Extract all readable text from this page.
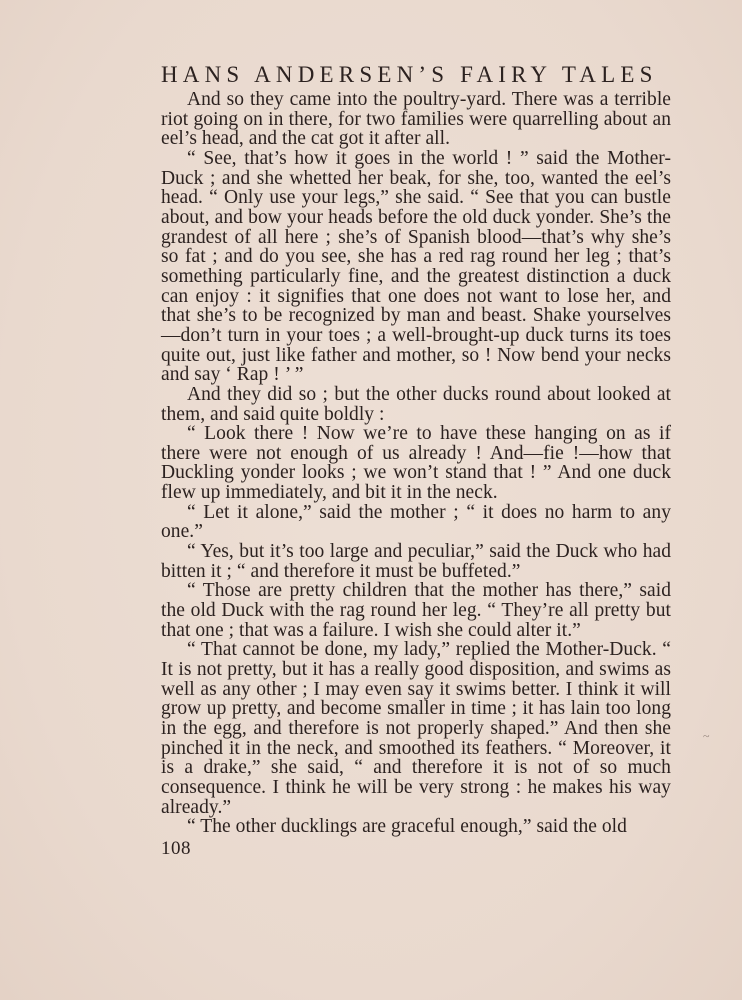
HANS ANDERSEN’S FAIRY TALES

And so they came into the poultry-yard. There was a terrible riot going on in there, for two families were quarrelling about an eel’s head, and the cat got it after all.

“ See, that’s how it goes in the world ! ” said the Mother-Duck ; and she whetted her beak, for she, too, wanted the eel’s head. “ Only use your legs,” she said. “ See that you can bustle about, and bow your heads before the old duck yonder. She’s the grandest of all here ; she’s of Spanish blood—that’s why she’s so fat ; and do you see, she has a red rag round her leg ; that’s something particularly fine, and the greatest distinction a duck can enjoy : it signifies that one does not want to lose her, and that she’s to be recognized by man and beast. Shake yourselves—don’t turn in your toes ; a well-brought-up duck turns its toes quite out, just like father and mother, so ! Now bend your necks and say ‘ Rap ! ’ ”

And they did so ; but the other ducks round about looked at them, and said quite boldly :

“ Look there ! Now we’re to have these hanging on as if there were not enough of us already ! And—fie !—how that Duckling yonder looks ; we won’t stand that ! ” And one duck flew up immediately, and bit it in the neck.

“ Let it alone,” said the mother ; “ it does no harm to any one.”

“ Yes, but it’s too large and peculiar,” said the Duck who had bitten it ; “ and therefore it must be buffeted.”

“ Those are pretty children that the mother has there,” said the old Duck with the rag round her leg. “ They’re all pretty but that one ; that was a failure. I wish she could alter it.”

“ That cannot be done, my lady,” replied the Mother-Duck. “ It is not pretty, but it has a really good disposition, and swims as well as any other ; I may even say it swims better. I think it will grow up pretty, and become smaller in time ; it has lain too long in the egg, and therefore is not properly shaped.” And then she pinched it in the neck, and smoothed its feathers. “ Moreover, it is a drake,” she said, “ and therefore it is not of so much consequence. I think he will be very strong : he makes his way already.”

“ The other ducklings are graceful enough,” said the old

108
~
